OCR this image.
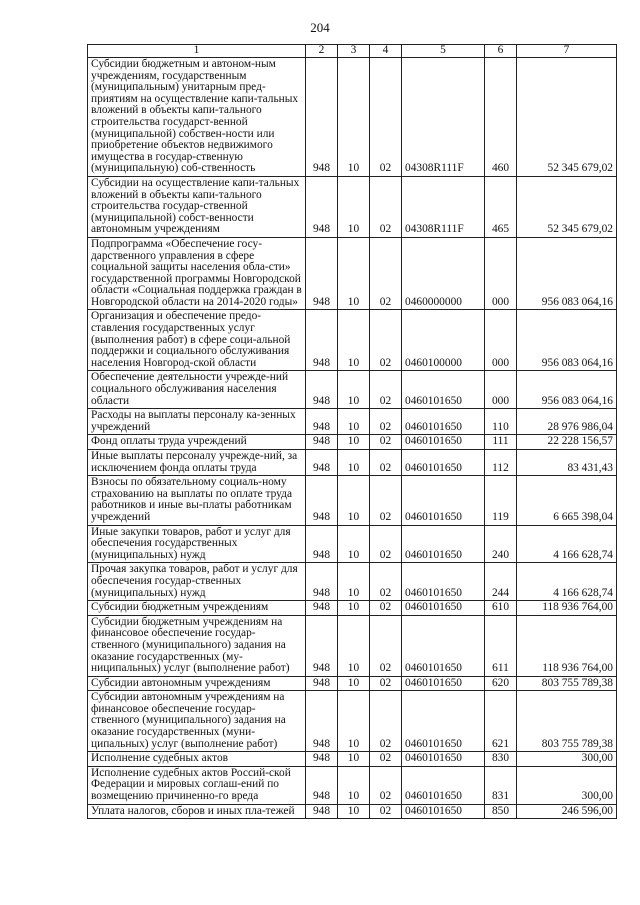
204
1	2	3	4	5	6	7
Субсидии бюджетным и автоном-ным учреждениям, государственным (муниципальным) унитарным пред-приятиям на осуществление капи-тальных вложений в объекты капи-тального строительства государст-венной (муниципальной) собствен-ности или приобретение объектов недвижимого имущества в государ-ственную (муниципальную) соб-ственность	948	10	02	04308R111F	460	52 345 679,02
Субсидии на осуществление капи-тальных вложений в объекты капи-тального строительства государ-ственной (муниципальной) собст-венности автономным учреждениям	948	10	02	04308R111F	465	52 345 679,02
Подпрограмма «Обеспечение госу-дарственного управления в сфере социальной защиты населения обла-сти» государственной программы Новгородской области «Социальная поддержка граждан в Новгородской области на 2014-2020 годы»	948	10	02	0460000000	000	956 083 064,16
Организация и обеспечение предо-ставления государственных услуг (выполнения работ) в сфере соци-альной поддержки и социального обслуживания населения Новгород-ской области	948	10	02	0460100000	000	956 083 064,16
Обеспечение деятельности учрежде-ний социального обслуживания населения области	948	10	02	0460101650	000	956 083 064,16
Расходы на выплаты персоналу ка-зенных учреждений	948	10	02	0460101650	110	28 976 986,04
Фонд оплаты труда учреждений	948	10	02	0460101650	111	22 228 156,57
Иные выплаты персоналу учрежде-ний, за исключением фонда оплаты труда	948	10	02	0460101650	112	83 431,43
Взносы по обязательному социаль-ному страхованию на выплаты по оплате труда работников и иные вы-платы работникам учреждений	948	10	02	0460101650	119	6 665 398,04
Иные закупки товаров, работ и услуг для обеспечения государственных (муниципальных) нужд	948	10	02	0460101650	240	4 166 628,74
Прочая закупка товаров, работ и услуг для обеспечения государ-ственных (муниципальных) нужд	948	10	02	0460101650	244	4 166 628,74
Субсидии бюджетным учреждениям	948	10	02	0460101650	610	118 936 764,00
Субсидии бюджетным учреждениям на финансовое обеспечение государ-ственного (муниципального) задания на оказание государственных (му-ниципальных) услуг (выполнение работ)	948	10	02	0460101650	611	118 936 764,00
Субсидии автономным учреждениям	948	10	02	0460101650	620	803 755 789,38
Субсидии автономным учреждениям на финансовое обеспечение государ-ственного (муниципального) задания на оказание государственных (муни-ципальных) услуг (выполнение работ)	948	10	02	0460101650	621	803 755 789,38
Исполнение судебных актов	948	10	02	0460101650	830	300,00
Исполнение судебных актов Россий-ской Федерации и мировых соглаш-ений по возмещению причиненно-го вреда	948	10	02	0460101650	831	300,00
Уплата налогов, сборов и иных пла-тежей	948	10	02	0460101650	850	246 596,00
